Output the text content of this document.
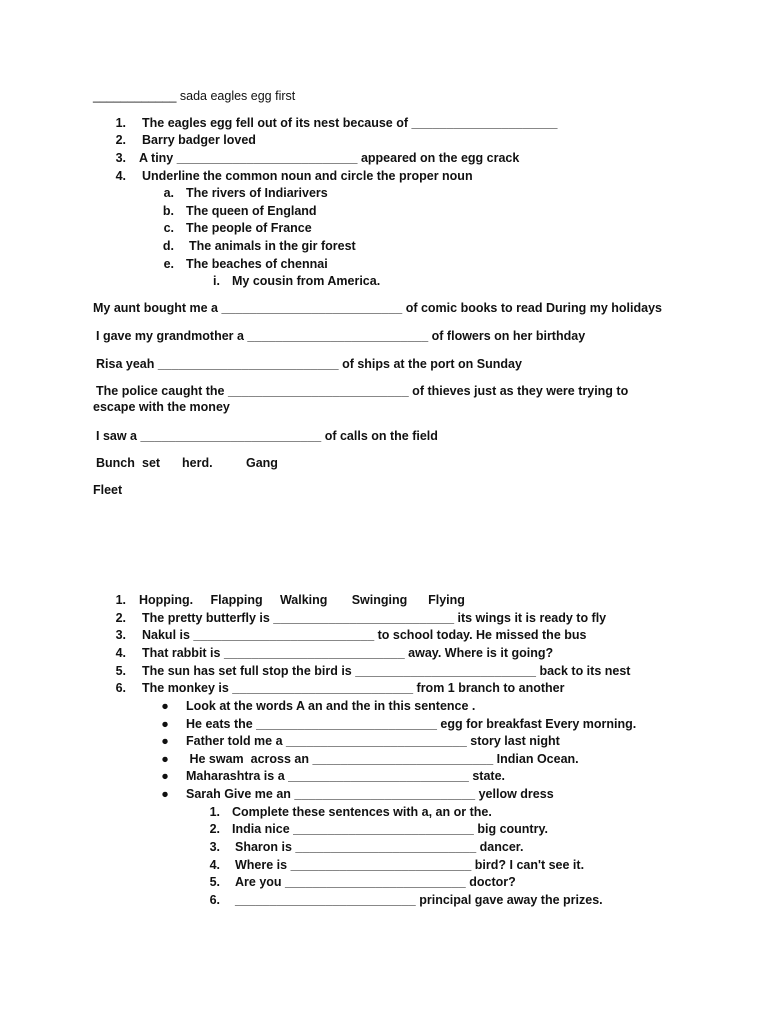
____________ sada eagles egg first
1. The eagles egg fell out of its nest because of _____________________
2. Barry badger loved
3. A tiny __________________________ appeared on the egg crack
4. Underline the common noun and circle the proper noun
a. The rivers of Indiarivers
b. The queen of England
c. The people of France
d. The animals in the gir forest
e. The beaches of chennai
i. My cousin from America.
My aunt bought me a __________________________ of comic books to read During my holidays
I gave my grandmother a __________________________ of flowers on her birthday
Risa yeah __________________________ of ships at the port on Sunday
The police caught the __________________________ of thieves just as they were trying to escape with the money
I saw a __________________________ of calls on the field
Bunch set herd.	Gang
Fleet
1. Hopping.     Flapping     Walking       Swinging      Flying
2. The pretty butterfly is __________________________ its wings it is ready to fly
3. Nakul is __________________________ to school today. He missed the bus
4. That rabbit is __________________________ away. Where is it going?
5. The sun has set full stop the bird is __________________________ back to its nest
6. The monkey is __________________________ from 1 branch to another
● Look at the words A an and the in this sentence .
● He eats the __________________________ egg for breakfast Every morning.
● Father told me a __________________________ story last night
● He swam  across an __________________________ Indian Ocean.
● Maharashtra is a __________________________ state.
● Sarah Give me an __________________________ yellow dress
1. Complete these sentences with a, an or the.
2. India nice __________________________ big country.
3. Sharon is __________________________ dancer.
4. Where is __________________________ bird? I can't see it.
5. Are you __________________________ doctor?
6. __________________________ principal gave away the prizes.
